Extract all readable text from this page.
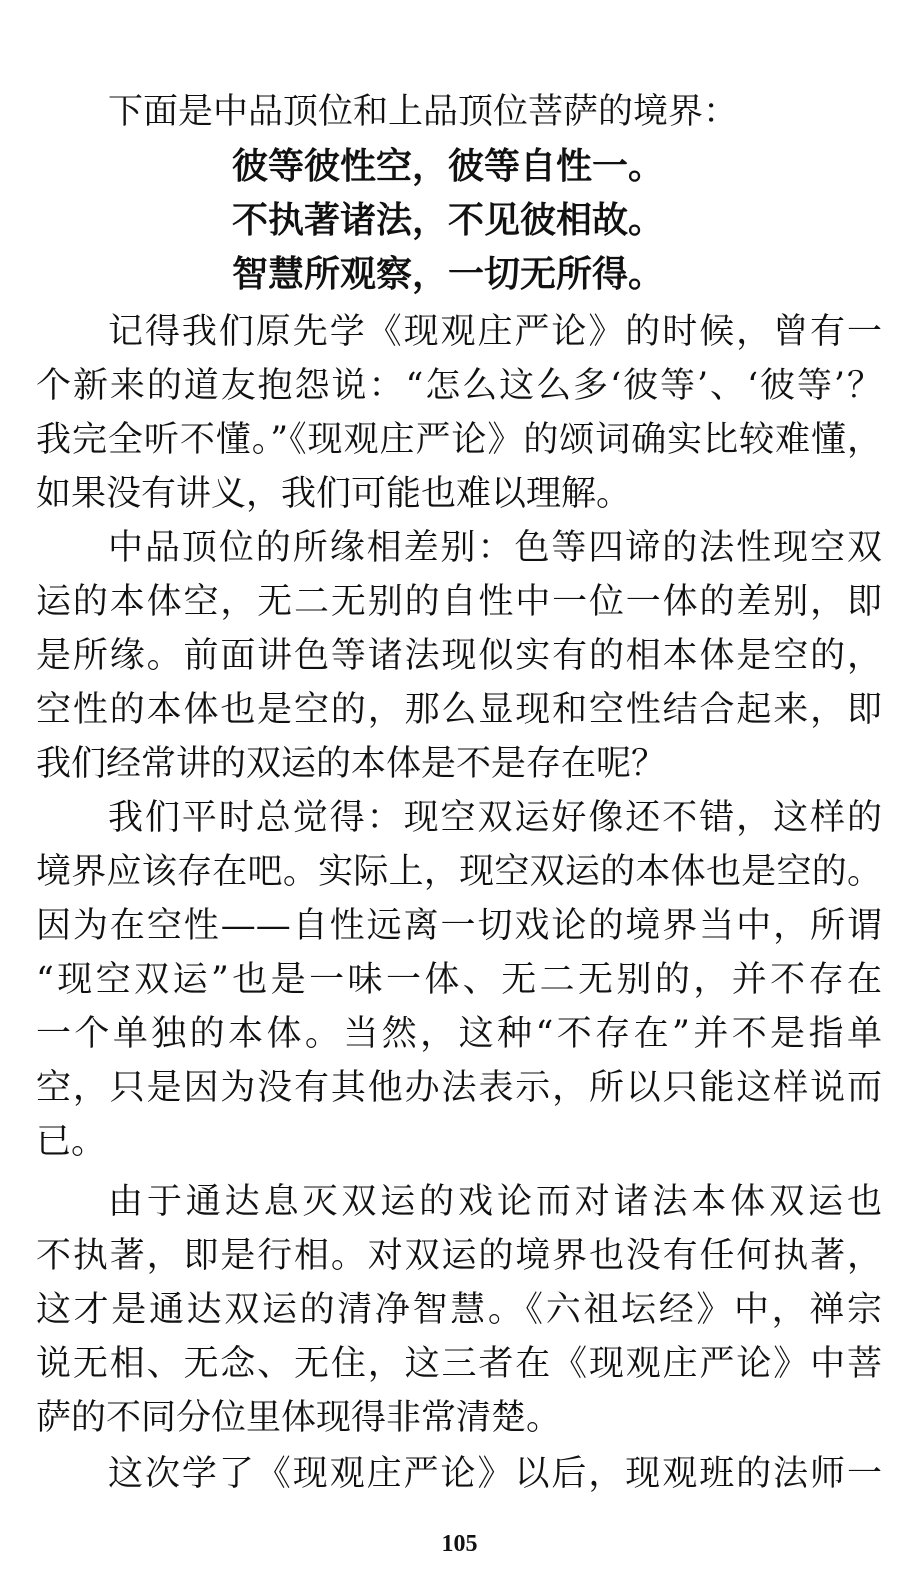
下面是中品顶位和上品顶位菩萨的境界：
彼等彼性空，彼等自性一。
不执著诸法，不见彼相故。
智慧所观察，一切无所得。
记得我们原先学《现观庄严论》的时候，曾有一
个新来的道友抱怨说：“怎么这么多‘彼等’、‘彼等’？
我完全听不懂。”《现观庄严论》的颂词确实比较难懂，
如果没有讲义，我们可能也难以理解。
中品顶位的所缘相差别：色等四谛的法性现空双
运的本体空，无二无别的自性中一位一体的差别，即
是所缘。前面讲色等诸法现似实有的相本体是空的，
空性的本体也是空的，那么显现和空性结合起来，即
我们经常讲的双运的本体是不是存在呢？
我们平时总觉得：现空双运好像还不错，这样的
境界应该存在吧。实际上，现空双运的本体也是空的。
因为在空性——自性远离一切戏论的境界当中，所谓
“现空双运”也是一味一体、无二无别的，并不存在
一个单独的本体。当然，这种“不存在”并不是指单
空，只是因为没有其他办法表示，所以只能这样说而
已。
由于通达息灭双运的戏论而对诸法本体双运也
不执著，即是行相。对双运的境界也没有任何执著，
这才是通达双运的清净智慧。《六祖坛经》中，禅宗
说无相、无念、无住，这三者在《现观庄严论》中菩
萨的不同分位里体现得非常清楚。
这次学了《现观庄严论》以后，现观班的法师一
105
